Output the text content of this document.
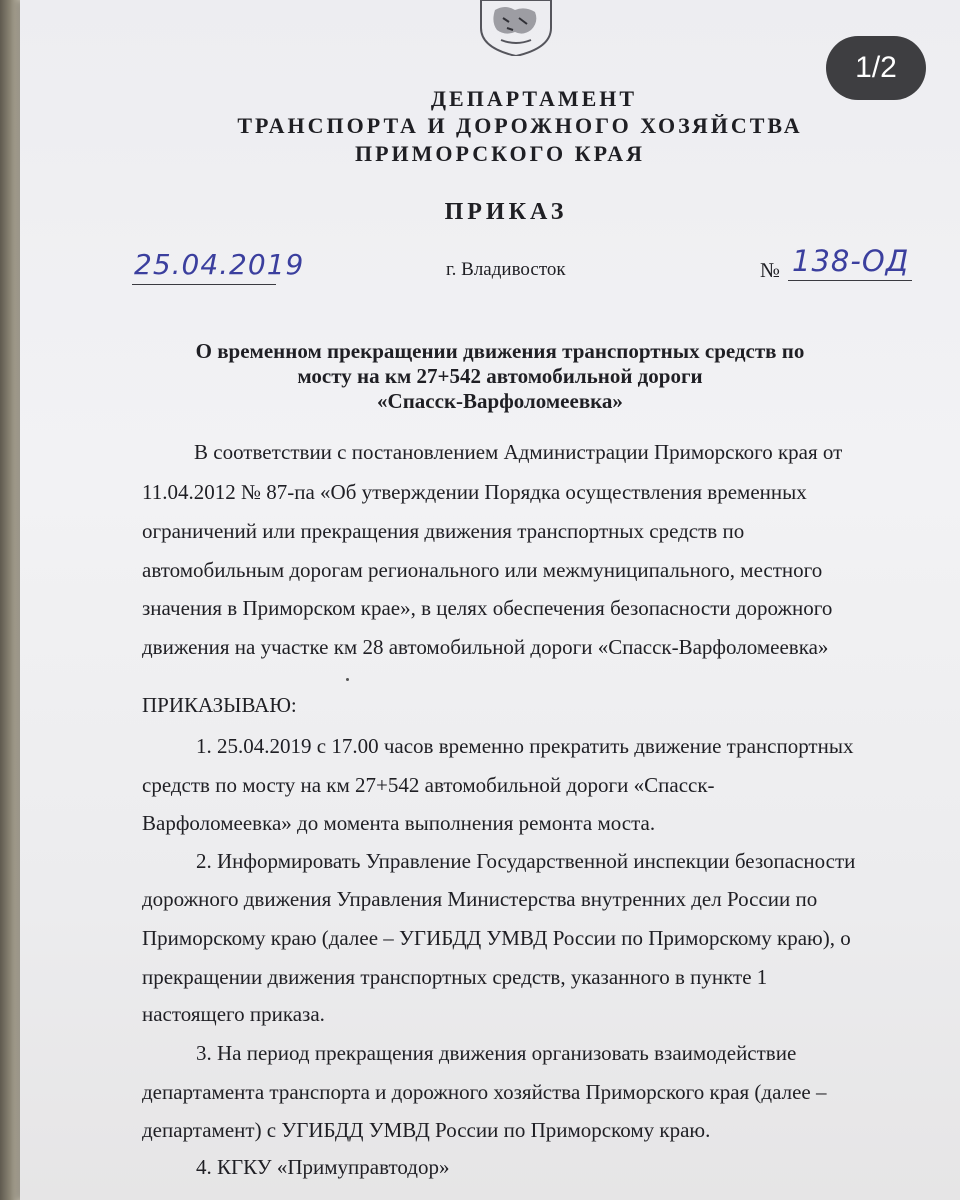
ДЕПАРТАМЕНТ

ТРАНСПОРТА И ДОРОЖНОГО ХОЗЯЙСТВА

ПРИМОРСКОГО КРАЯ

ПРИКАЗ

25.04.2019	г. Владивосток	№ 138-ОД

О временном прекращении движения транспортных средств по

мосту на км 27+542 автомобильной дороги

«Спасск-Варфоломеевка»

В соответствии с постановлением Администрации Приморского края от

11.04.2012 № 87-па «Об утверждении Порядка осуществления временных

ограничений или прекращения движения транспортных средств по

автомобильным дорогам регионального или межмуниципального, местного

значения в Приморском крае», в целях обеспечения безопасности дорожного

движения на участке км 28 автомобильной дороги «Спасск-Варфоломеевка»

ПРИКАЗЫВАЮ:

1. 25.04.2019 с 17.00 часов временно прекратить движение транспортных

средств по мосту на км 27+542 автомобильной дороги «Спасск-

Варфоломеевка» до момента выполнения ремонта моста.

2. Информировать Управление Государственной инспекции безопасности

дорожного движения Управления Министерства внутренних дел России по

Приморскому краю (далее – УГИБДД УМВД России по Приморскому краю), о

прекращении движения транспортных средств, указанного в пункте 1

настоящего приказа.

3. На период прекращения движения организовать взаимодействие

департамента транспорта и дорожного хозяйства Приморского края (далее –

департамент) с УГИБДД УМВД России по Приморскому краю.

4. КГКУ «Примуправтодор»

1/2
